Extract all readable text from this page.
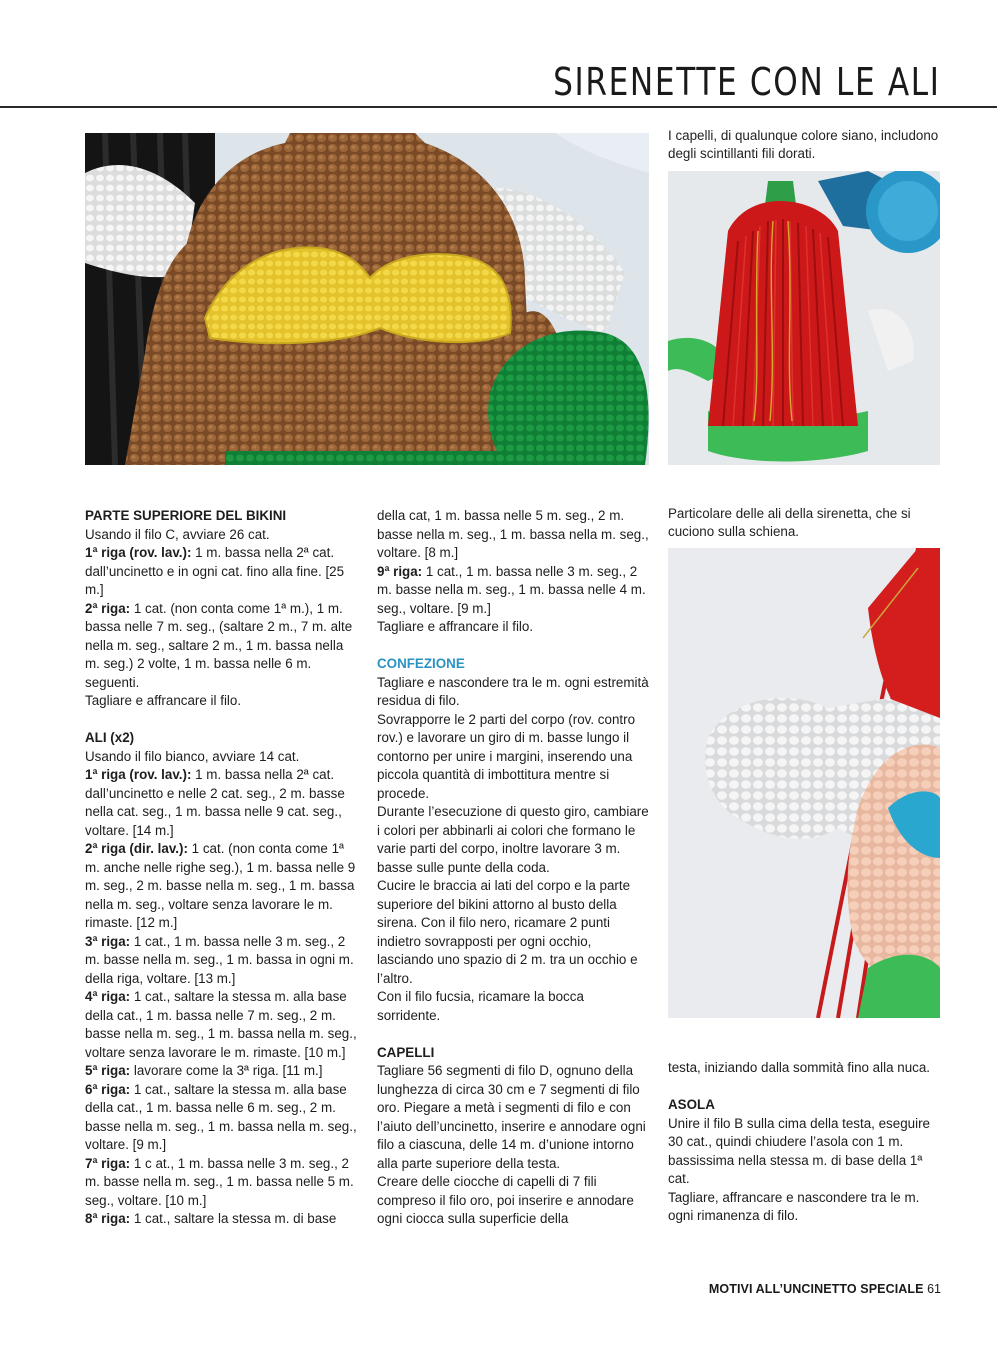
SIRENETTE CON LE ALI
I capelli, di qualunque colore siano, includono degli scintillanti fili dorati.
Particolare delle ali della sirenetta, che si cuciono sulla schiena.

PARTE SUPERIORE DEL BIKINI

Usando il filo C, avviare 26 cat.

1ª riga (rov. lav.): 1 m. bassa nella 2ª cat. dall’uncinetto e in ogni cat. fino alla fine. [25 m.]

2ª riga: 1 cat. (non conta come 1ª m.), 1 m. bassa nelle 7 m. seg., (saltare 2 m., 7 m. alte nella m. seg., saltare 2 m., 1 m. bassa nella m. seg.) 2 volte, 1 m. bassa nelle 6 m. seguenti.

Tagliare e affrancare il filo.

ALI (x2)

Usando il filo bianco, avviare 14 cat.

1ª riga (rov. lav.): 1 m. bassa nella 2ª cat. dall’uncinetto e nelle 2 cat. seg., 2 m. basse nella cat. seg., 1 m. bassa nelle 9 cat. seg., voltare. [14 m.]

2ª riga (dir. lav.): 1 cat. (non conta come 1ª m. anche nelle righe seg.), 1 m. bassa nelle 9 m. seg., 2 m. basse nella m. seg., 1 m. bassa nella m. seg., voltare senza lavorare le m. rimaste. [12 m.]

3ª riga: 1 cat., 1 m. bassa nelle 3 m. seg., 2 m. basse nella m. seg., 1 m. bassa in ogni m. della riga, voltare. [13 m.]

4ª riga: 1 cat., saltare la stessa m. alla base della cat., 1 m. bassa nelle 7 m. seg., 2 m. basse nella m. seg., 1 m. bassa nella m. seg., voltare senza lavorare le m. rimaste. [10 m.]

5ª riga: lavorare come la 3ª riga. [11 m.]

6ª riga: 1 cat., saltare la stessa m. alla base della cat., 1 m. bassa nelle 6 m. seg., 2 m. basse nella m. seg., 1 m. bassa nella m. seg., voltare. [9 m.]

7ª riga: 1 c at., 1 m. bassa nelle 3 m. seg., 2 m. basse nella m. seg., 1 m. bassa nelle 5 m. seg., voltare. [10 m.]

8ª riga: 1 cat., saltare la stessa m. di base

della cat, 1 m. bassa nelle 5 m. seg., 2 m. basse nella m. seg., 1 m. bassa nella m. seg., voltare. [8 m.]

9ª riga: 1 cat., 1 m. bassa nelle 3 m. seg., 2 m. basse nella m. seg., 1 m. bassa nelle 4 m. seg., voltare. [9 m.]

Tagliare e affrancare il filo.

CONFEZIONE

Tagliare e nascondere tra le m. ogni estremità residua di filo.

Sovrapporre le 2 parti del corpo (rov. contro rov.) e lavorare un giro di m. basse lungo il contorno per unire i margini, inserendo una piccola quantità di imbottitura mentre si procede.

Durante l’esecuzione di questo giro, cambiare i colori per abbinarli ai colori che formano le varie parti del corpo, inoltre lavorare 3 m. basse sulle punte della coda.

Cucire le braccia ai lati del corpo e la parte superiore del bikini attorno al busto della sirena. Con il filo nero, ricamare 2 punti indietro sovrapposti per ogni occhio, lasciando uno spazio di 2 m. tra un occhio e l’altro.

Con il filo fucsia, ricamare la bocca sorridente.

CAPELLI

Tagliare 56 segmenti di filo D, ognuno della lunghezza di circa 30 cm e 7 segmenti di filo oro. Piegare a metà i segmenti di filo e con l’aiuto dell’uncinetto, inserire e annodare ogni filo a ciascuna, delle 14 m. d’unione intorno alla parte superiore della testa.

Creare delle ciocche di capelli di 7 fili compreso il filo oro, poi inserire e annodare ogni ciocca sulla superficie della

testa, iniziando dalla sommità fino alla nuca.

ASOLA

Unire il filo B sulla cima della testa, eseguire 30 cat., quindi chiudere l’asola con 1 m. bassissima nella stessa m. di base della 1ª cat.

Tagliare, affrancare e nascondere tra le m. ogni rimanenza di filo.

MOTIVI ALL’UNCINETTO SPECIALE 61
